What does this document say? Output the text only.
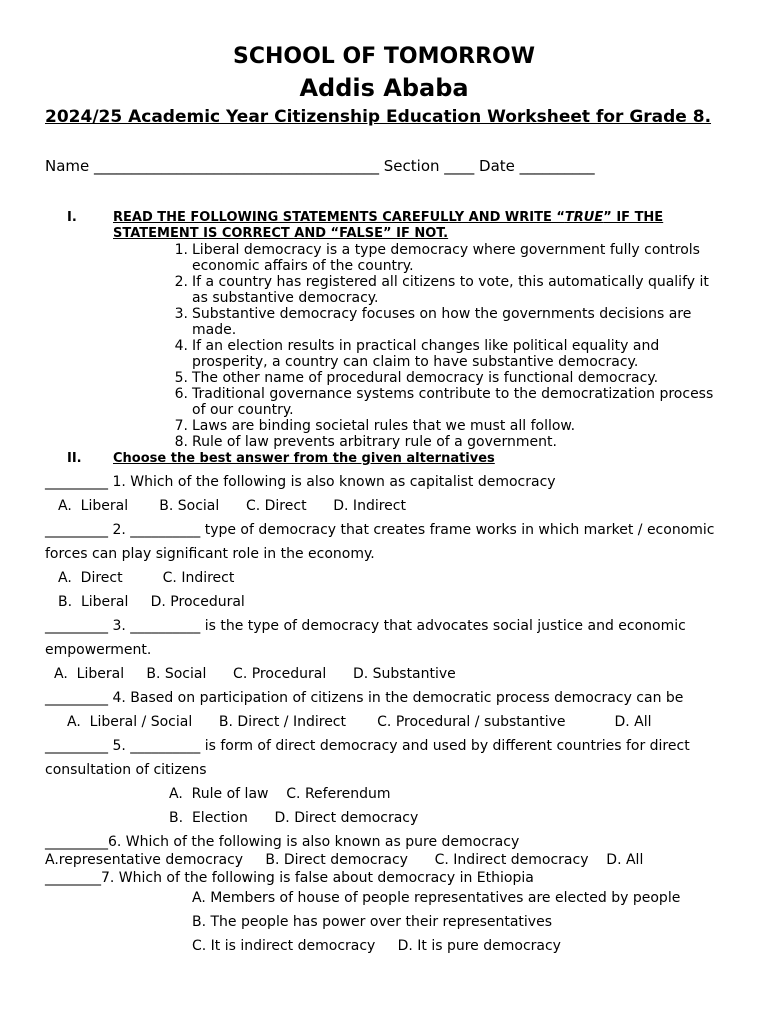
SCHOOL OF TOMORROW
Addis Ababa
2024/25 Academic Year Citizenship Education Worksheet for Grade 8.
Name ______________________________________ Section ____ Date __________
I.	READ THE FOLLOWING STATEMENTS CAREFULLY AND WRITE “TRUE” IF THE
STATEMENT IS CORRECT AND “FALSE” IF NOT.
1. Liberal democracy is a type democracy where government fully controls economic affairs of the country.
2. If a country has registered all citizens to vote, this automatically qualify it as substantive democracy.
3. Substantive democracy focuses on how the governments decisions are made.
4. If an election results in practical changes like political equality and prosperity, a country can claim to have substantive democracy.
5. The other name of procedural democracy is functional democracy.
6. Traditional governance systems contribute to the democratization process of our country.
7. Laws are binding societal rules that we must all follow.
8. Rule of law prevents arbitrary rule of a government.
II. Choose the best answer from the given alternatives
_________ 1. Which of the following is also known as capitalist democracy
A.  Liberal       B. Social      C. Direct      D. Indirect
_________ 2. __________ type of democracy that creates frame works in which market / economic
forces can play significant role in the economy.
A.  Direct         C. Indirect
B.  Liberal     D. Procedural
_________ 3. __________ is the type of democracy that advocates social justice and economic
empowerment.
A.  Liberal     B. Social      C. Procedural      D. Substantive
_________ 4. Based on participation of citizens in the democratic process democracy can be
A.  Liberal / Social      B. Direct / Indirect       C. Procedural / substantive           D. All
_________ 5. __________ is form of direct democracy and used by different countries for direct
consultation of citizens
A.  Rule of law    C. Referendum
B.  Election      D. Direct democracy
_________6. Which of the following is also known as pure democracy
A.representative democracy     B. Direct democracy      C. Indirect democracy    D. All
________7. Which of the following is false about democracy in Ethiopia
A. Members of house of people representatives are elected by people
B. The people has power over their representatives
C. It is indirect democracy     D. It is pure democracy
